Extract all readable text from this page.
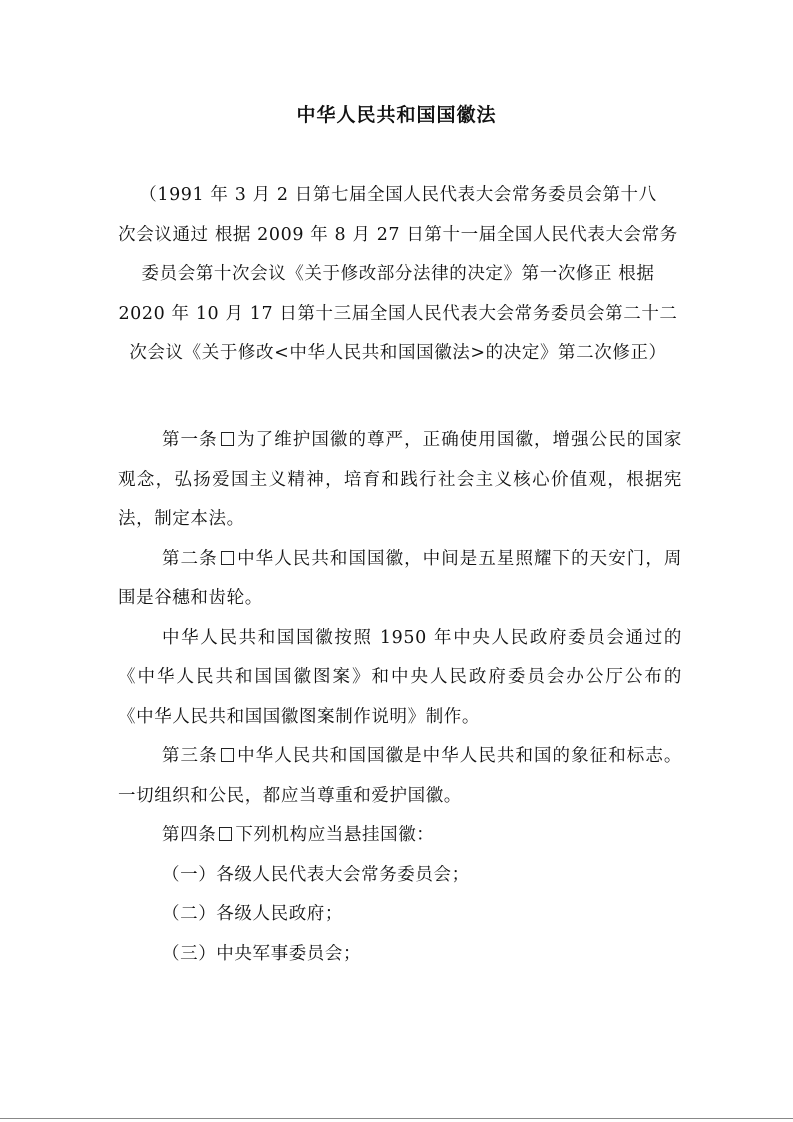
中华人民共和国国徽法
（1991 年 3 月 2 日第七届全国人民代表大会常务委员会第十八
次会议通过 根据 2009 年 8 月 27 日第十一届全国人民代表大会常务
委员会第十次会议《关于修改部分法律的决定》第一次修正 根据
2020 年 10 月 17 日第十三届全国人民代表大会常务委员会第二十二
次会议《关于修改<中华人民共和国国徽法>的决定》第二次修正）
第一条 为了维护国徽的尊严，正确使用国徽，增强公民的国家
观念，弘扬爱国主义精神，培育和践行社会主义核心价值观，根据宪
法，制定本法。
第二条 中华人民共和国国徽，中间是五星照耀下的天安门，周
围是谷穗和齿轮。
中华人民共和国国徽按照 1950 年中央人民政府委员会通过的
《中华人民共和国国徽图案》和中央人民政府委员会办公厅公布的
《中华人民共和国国徽图案制作说明》制作。
第三条 中华人民共和国国徽是中华人民共和国的象征和标志。
一切组织和公民，都应当尊重和爱护国徽。
第四条 下列机构应当悬挂国徽：
（一）各级人民代表大会常务委员会；
（二）各级人民政府；
（三）中央军事委员会；
